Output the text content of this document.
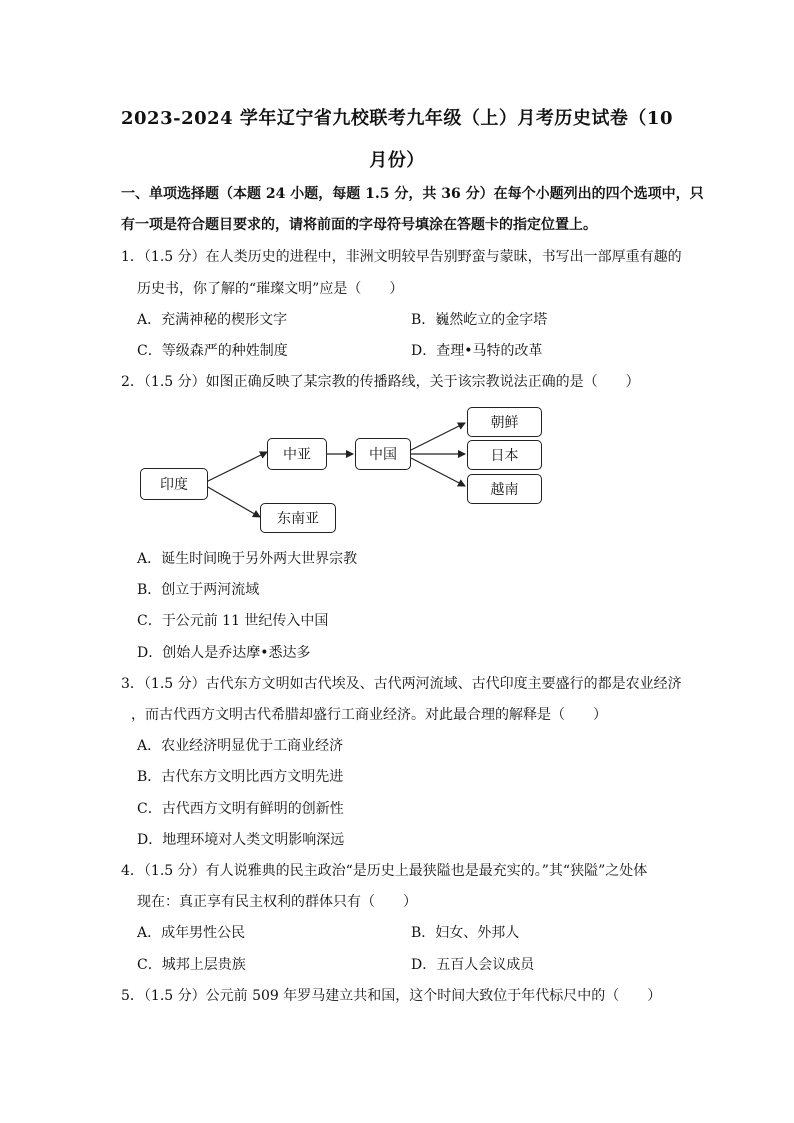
2023-2024 学年辽宁省九校联考九年级（上）月考历史试卷（10
月份）
一、单项选择题（本题 24 小题，每题 1.5 分，共 36 分）在每个小题列出的四个选项中，只
有一项是符合题目要求的，请将前面的字母符号填涂在答题卡的指定位置上。
1．（1.5 分）在人类历史的进程中，非洲文明较早告别野蛮与蒙昧，书写出一部厚重有趣的
历史书，你了解的“璀璨文明”应是（　　）
A．充满神秘的楔形文字	B．巍然屹立的金字塔
C．等级森严的种姓制度	D．查理•马特的改革
2．（1.5 分）如图正确反映了某宗教的传播路线，关于该宗教说法正确的是（　　）
印度
中亚
东南亚
中国
朝鲜
日本
越南
A．诞生时间晚于另外两大世界宗教
B．创立于两河流域
C．于公元前 11 世纪传入中国
D．创始人是乔达摩•悉达多
3．（1.5 分）古代东方文明如古代埃及、古代两河流域、古代印度主要盛行的都是农业经济
，而古代西方文明古代希腊却盛行工商业经济。对此最合理的解释是（　　）
A．农业经济明显优于工商业经济
B．古代东方文明比西方文明先进
C．古代西方文明有鲜明的创新性
D．地理环境对人类文明影响深远
4．（1.5 分）有人说雅典的民主政治“是历史上最狭隘也是最充实的。”其“狭隘”之处体
现在：真正享有民主权利的群体只有（　　）
A．成年男性公民	B．妇女、外邦人
C．城邦上层贵族	D．五百人会议成员
5．（1.5 分）公元前 509 年罗马建立共和国，这个时间大致位于年代标尺中的（　　）
